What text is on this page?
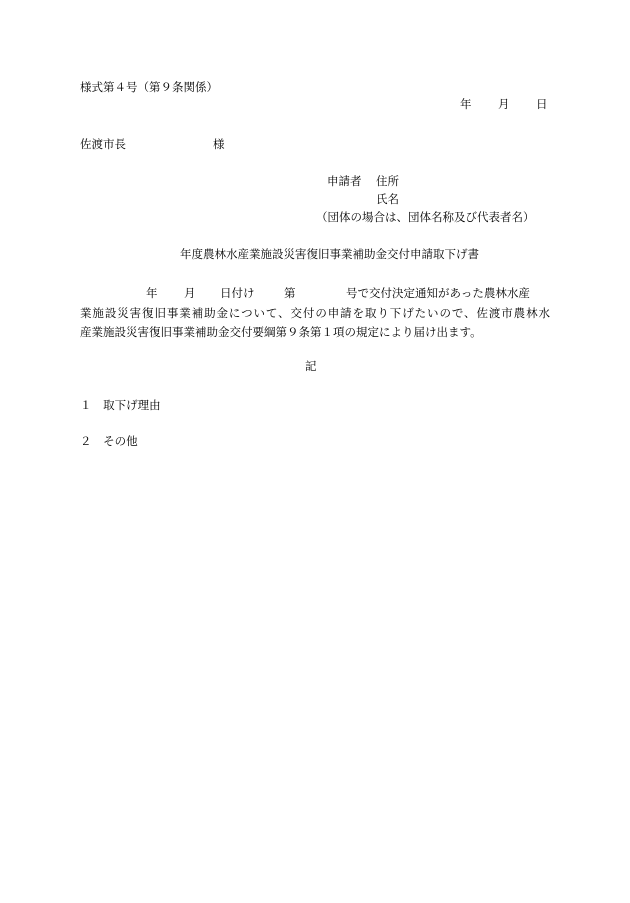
様式第４号（第９条関係）
年 月 日
佐渡市長	様
申請者 住所
氏名
（団体の場合は、団体名称及び代表者名）
年度農林水産業施設災害復旧事業補助金交付申請取下げ書
年 月 日付け	第	号で交付決定通知があった農林水産
業施設災害復旧事業補助金について、交付の申請を取り下げたいので、佐渡市農林水
産業施設災害復旧事業補助金交付要綱第９条第１項の規定により届け出ます。
記
１ 取下げ理由
２ その他
